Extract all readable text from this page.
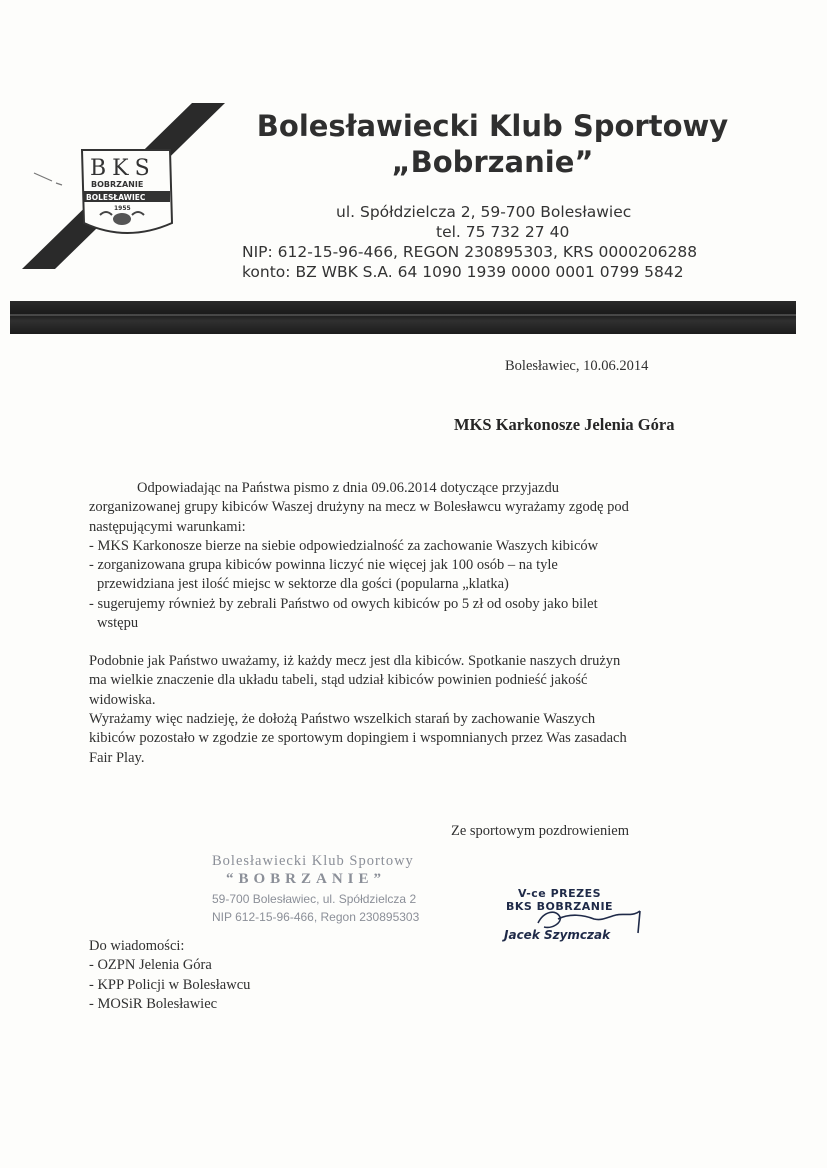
BKS
BOBRZANIE
BOLESŁAWIEC
1955
Bolesławiecki Klub Sportowy
„Bobrzanie”
ul. Spółdzielcza 2, 59-700 Bolesławiec
tel. 75 732 27 40
NIP: 612-15-96-466, REGON 230895303, KRS 0000206288
konto: BZ WBK S.A. 64 1090 1939 0000 0001 0799 5842
Bolesławiec, 10.06.2014
MKS Karkonosze Jelenia Góra
Odpowiadając na Państwa pismo z dnia 09.06.2014 dotyczące przyjazdu
zorganizowanej grupy kibiców Waszej drużyny na mecz w Bolesławcu wyrażamy zgodę pod
następującymi warunkami:
- MKS Karkonosze bierze na siebie odpowiedzialność za zachowanie Waszych kibiców
- zorganizowana grupa kibiców powinna liczyć nie więcej jak 100 osób – na tyle
przewidziana jest ilość miejsc w sektorze dla gości (popularna „klatka)
- sugerujemy również by zebrali Państwo od owych kibiców po 5 zł od osoby jako bilet
wstępu
Podobnie jak Państwo uważamy, iż każdy mecz jest dla kibiców. Spotkanie naszych drużyn
ma wielkie znaczenie dla układu tabeli, stąd udział kibiców powinien podnieść jakość
widowiska.
Wyrażamy więc nadzieję, że dołożą Państwo wszelkich starań by zachowanie Waszych
kibiców pozostało w zgodzie ze sportowym dopingiem i wspomnianych przez Was zasadach
Fair Play.
Ze sportowym pozdrowieniem
Bolesławiecki Klub Sportowy
“BOBRZANIE”
59-700 Bolesławiec, ul. Spółdzielcza 2
NIP 612-15-96-466, Regon 230895303
V-ce PREZES
BKS BOBRZANIE
Jacek Szymczak
Do wiadomości:
- OZPN Jelenia Góra
- KPP Policji w Bolesławcu
- MOSiR Bolesławiec
